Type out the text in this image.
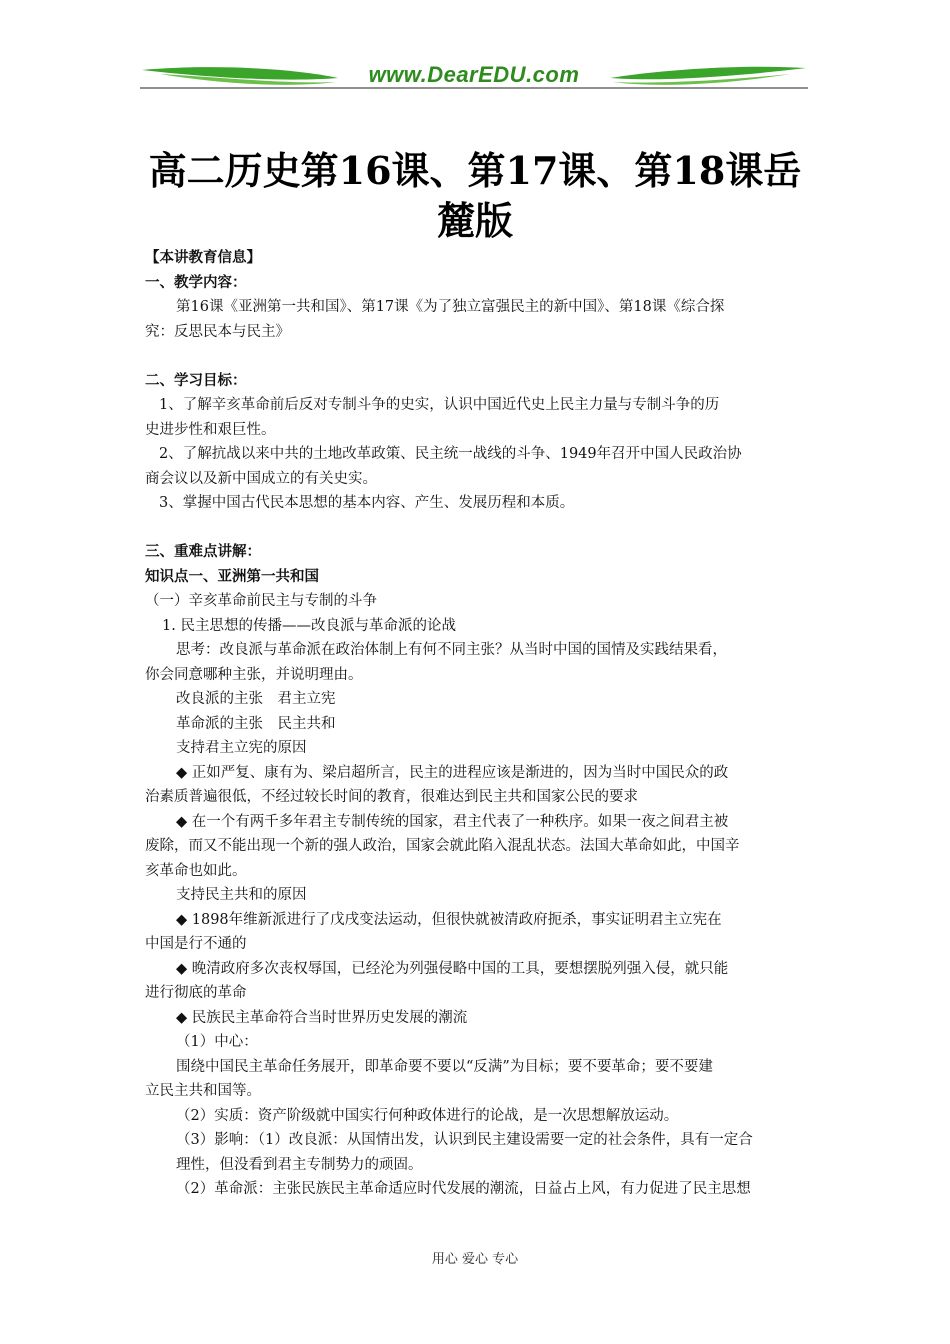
www.DearEDU.com
高二历史第16课、第17课、第18课岳
麓版
【本讲教育信息】
一、教学内容：
第16课《亚洲第一共和国》、第17课《为了独立富强民主的新中国》、第18课《综合探
究：反思民本与民主》
二、学习目标：
1、了解辛亥革命前后反对专制斗争的史实，认识中国近代史上民主力量与专制斗争的历
史进步性和艰巨性。
2、了解抗战以来中共的土地改革政策、民主统一战线的斗争、1949年召开中国人民政治协
商会议以及新中国成立的有关史实。
3、掌握中国古代民本思想的基本内容、产生、发展历程和本质。
三、重难点讲解：
知识点一、亚洲第一共和国
（一）辛亥革命前民主与专制的斗争
1. 民主思想的传播——改良派与革命派的论战
思考：改良派与革命派在政治体制上有何不同主张？从当时中国的国情及实践结果看，
你会同意哪种主张，并说明理由。
改良派的主张　君主立宪
革命派的主张　民主共和
支持君主立宪的原因
◆ 正如严复、康有为、梁启超所言，民主的进程应该是渐进的，因为当时中国民众的政
治素质普遍很低，不经过较长时间的教育，很难达到民主共和国家公民的要求
◆ 在一个有两千多年君主专制传统的国家，君主代表了一种秩序。如果一夜之间君主被
废除，而又不能出现一个新的强人政治，国家会就此陷入混乱状态。法国大革命如此，中国辛
亥革命也如此。
支持民主共和的原因
◆ 1898年维新派进行了戊戌变法运动，但很快就被清政府扼杀，事实证明君主立宪在
中国是行不通的
◆ 晚清政府多次丧权辱国，已经沦为列强侵略中国的工具，要想摆脱列强入侵，就只能
进行彻底的革命
◆ 民族民主革命符合当时世界历史发展的潮流
（1）中心：
围绕中国民主革命任务展开，即革命要不要以“反满”为目标；要不要革命；要不要建
立民主共和国等。
（2）实质：资产阶级就中国实行何种政体进行的论战，是一次思想解放运动。
（3）影响：（1）改良派：从国情出发，认识到民主建设需要一定的社会条件，具有一定合
理性，但没看到君主专制势力的顽固。
（2）革命派：主张民族民主革命适应时代发展的潮流，日益占上风，有力促进了民主思想
用心 爱心 专心
